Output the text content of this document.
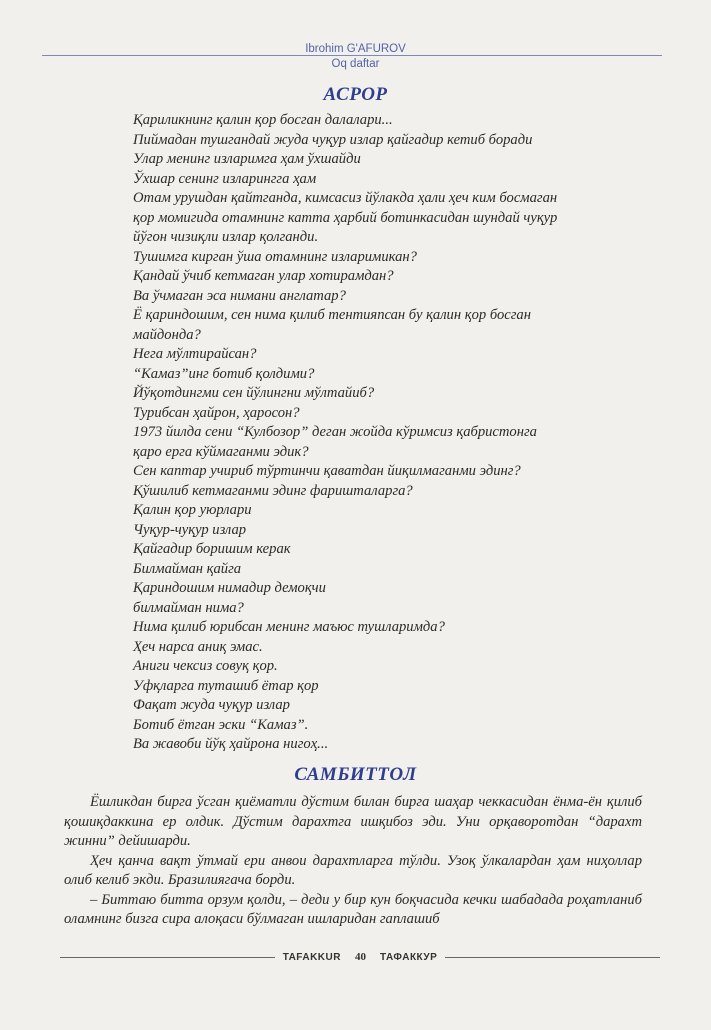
Ibrohim G'AFUROV
Oq daftar
АСРОР
Қариликнинг қалин қор босган далалари...
Пиймадан тушгандай жуда чуқур излар қайгадир кетиб боради
Улар менинг изларимга ҳам ўхшайди
Ўхшар сенинг изларингга ҳам
Отам урушдан қайтганда, кимсасиз йўлакда ҳали ҳеч ким босмаган
қор момигида отамнинг катта ҳарбий ботинкасидан шундай чуқур
йўгон чизиқли излар қолганди.
Тушимга кирган ўша отамнинг изларимикан?
Қандай ўчиб кетмаган улар хотирамдан?
Ва ўчмаган эса нимани англатар?
Ё қариндошим, сен нима қилиб тентияпсан бу қалин қор босган
майдонда?
Нега мўлтирайсан?
“Камаз”инг ботиб қолдими?
Йўқотдингми сен йўлингни мўлтайиб?
Турибсан ҳайрон, ҳаросон?
1973 йилда сени “Кулбозор” деган жойда кўримсиз қабристонга
қаро ерга кўймаганми эдик?
Сен каптар учириб тўртинчи қаватдан йиқилмаганми эдинг?
Қўшилиб кетмаганми эдинг фаришталарга?
Қалин қор уюрлари
Чуқур-чуқур излар
Қайгадир боришим керак
Билмайман қайга
Қариндошим нимадир демоқчи
билмайман нима?
Нима қилиб юрибсан менинг маъюс тушларимда?
Ҳеч нарса аниқ эмас.
Аниги чексиз совуқ қор.
Уфқларга туташиб ётар қор
Фақат жуда чуқур излар
Ботиб ётган эски “Камаз”.
Ва жавоби йўқ ҳайрона нигоҳ...
САМБИТТОЛ

Ёшликдан бирга ўсган қиёматли дўстим билан бирга шаҳар чеккасидан ёнма-ён қилиб қошиқдаккина ер олдик. Дўстим дарахтга ишқибоз эди. Уни орқаворотдан “дарахт жинни” дейишарди.

Ҳеч қанча вақт ўтмай ери анвои дарахтларга тўлди. Узоқ ўлкалардан ҳам ниҳоллар олиб келиб экди. Бразилиягача борди.

– Биттаю битта орзум қолди, – деди у бир кун боқчасида кечки шабадада роҳатланиб оламнинг бизга сира алоқаси бўлмаган ишларидан гаплашиб

TAFAKKUR	40	ТАФАККУР
